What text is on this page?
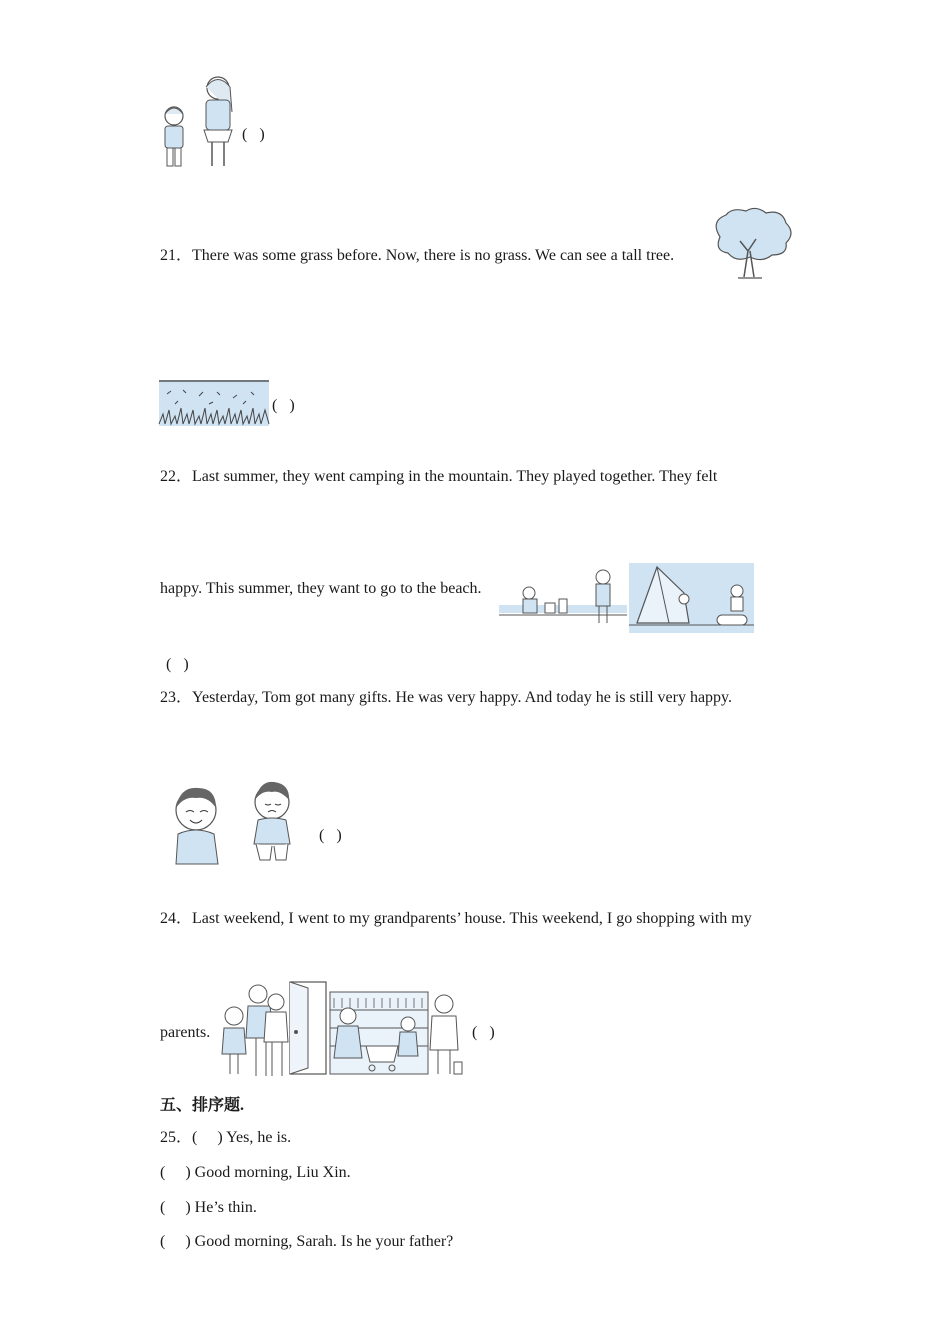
(   )
21．There was some grass before. Now, there is no grass. We can see a tall tree.
(   )
22．Last summer, they went camping in the mountain. They played together. They felt
happy. This summer, they want to go to the beach.
(   )
23．Yesterday, Tom got many gifts. He was very happy. And today he is still very happy.
(   )
24．Last weekend, I went to my grandparents’ house. This weekend, I go shopping with my
parents.	(   )
五、排序题.
25．(     ) Yes, he is.
(     ) Good morning, Liu Xin.
(     ) He’s thin.
(     ) Good morning, Sarah. Is he your father?
